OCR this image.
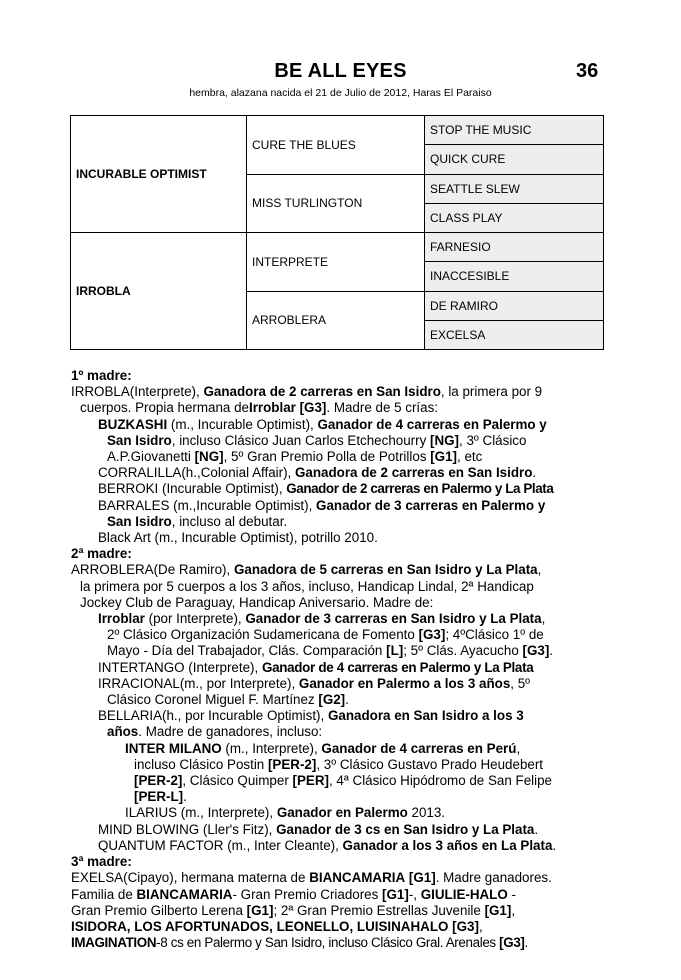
BE ALL EYES	36
hembra, alazana nacida el 21 de Julio de 2012, Haras El Paraiso
INCURABLE OPTIMIST	CURE THE BLUES	STOP THE MUSIC
		QUICK CURE
	MISS TURLINGTON	SEATTLE SLEW
		CLASS PLAY
IRROBLA	INTERPRETE	FARNESIO
		INACCESIBLE
	ARROBLERA	DE RAMIRO
		EXCELSA
1º madre:
IRROBLA(Interprete), Ganadora de 2 carreras en San Isidro, la primera por 9
cuerpos. Propia hermana deIrroblar [G3]. Madre de 5 crías:
BUZKASHI (m., Incurable Optimist), Ganador de 4 carreras en Palermo y
San Isidro, incluso Clásico Juan Carlos Etchechourry [NG], 3º Clásico
A.P.Giovanetti [NG], 5º Gran Premio Polla de Potrillos [G1], etc
CORRALILLA(h.,Colonial Affair), Ganadora de 2 carreras en San Isidro.
BERROKI (Incurable Optimist), Ganador de 2 carreras en Palermo y La Plata
BARRALES (m.,Incurable Optimist), Ganador de 3 carreras en Palermo y
San Isidro, incluso al debutar.
Black Art (m., Incurable Optimist), potrillo 2010.
2ª madre:
ARROBLERA(De Ramiro), Ganadora de 5 carreras en San Isidro y La Plata,
la primera por 5 cuerpos a los 3 años, incluso, Handicap Lindal, 2ª Handicap
Jockey Club de Paraguay, Handicap Aniversario. Madre de:
Irroblar (por Interprete), Ganador de 3 carreras en San Isidro y La Plata,
2º Clásico Organización Sudamericana de Fomento [G3]; 4ºClásico 1º de
Mayo - Día del Trabajador, Clás. Comparación [L]; 5º Clás. Ayacucho [G3].
INTERTANGO (Interprete), Ganador de 4 carreras en Palermo y La Plata
IRRACIONAL(m., por Interprete), Ganador en Palermo a los 3 años, 5º
Clásico Coronel Miguel F. Martínez [G2].
BELLARIA(h., por Incurable Optimist), Ganadora en San Isidro a los 3
años. Madre de ganadores, incluso:
INTER MILANO (m., Interprete), Ganador de 4 carreras en Perú,
incluso Clásico Postin [PER-2], 3º Clásico Gustavo Prado Heudebert
[PER-2], Clásico Quimper [PER], 4ª Clásico Hipódromo de San Felipe
[PER-L].
ILARIUS (m., Interprete), Ganador en Palermo 2013.
MIND BLOWING (Ller's Fitz), Ganador de 3 cs en San Isidro y La Plata.
QUANTUM FACTOR (m., Inter Cleante), Ganador a los 3 años en La Plata.
3ª madre:
EXELSA(Cipayo), hermana materna de BIANCAMARIA [G1]. Madre ganadores.
Familia de BIANCAMARIA- Gran Premio Criadores [G1]-, GIULIE-HALO -
Gran Premio Gilberto Lerena [G1]; 2ª Gran Premio Estrellas Juvenile [G1],
ISIDORA, LOS AFORTUNADOS, LEONELLO, LUISINAHALO [G3],
IMAGINATION-8 cs en Palermo y San Isidro, incluso Clásico Gral. Arenales [G3].
